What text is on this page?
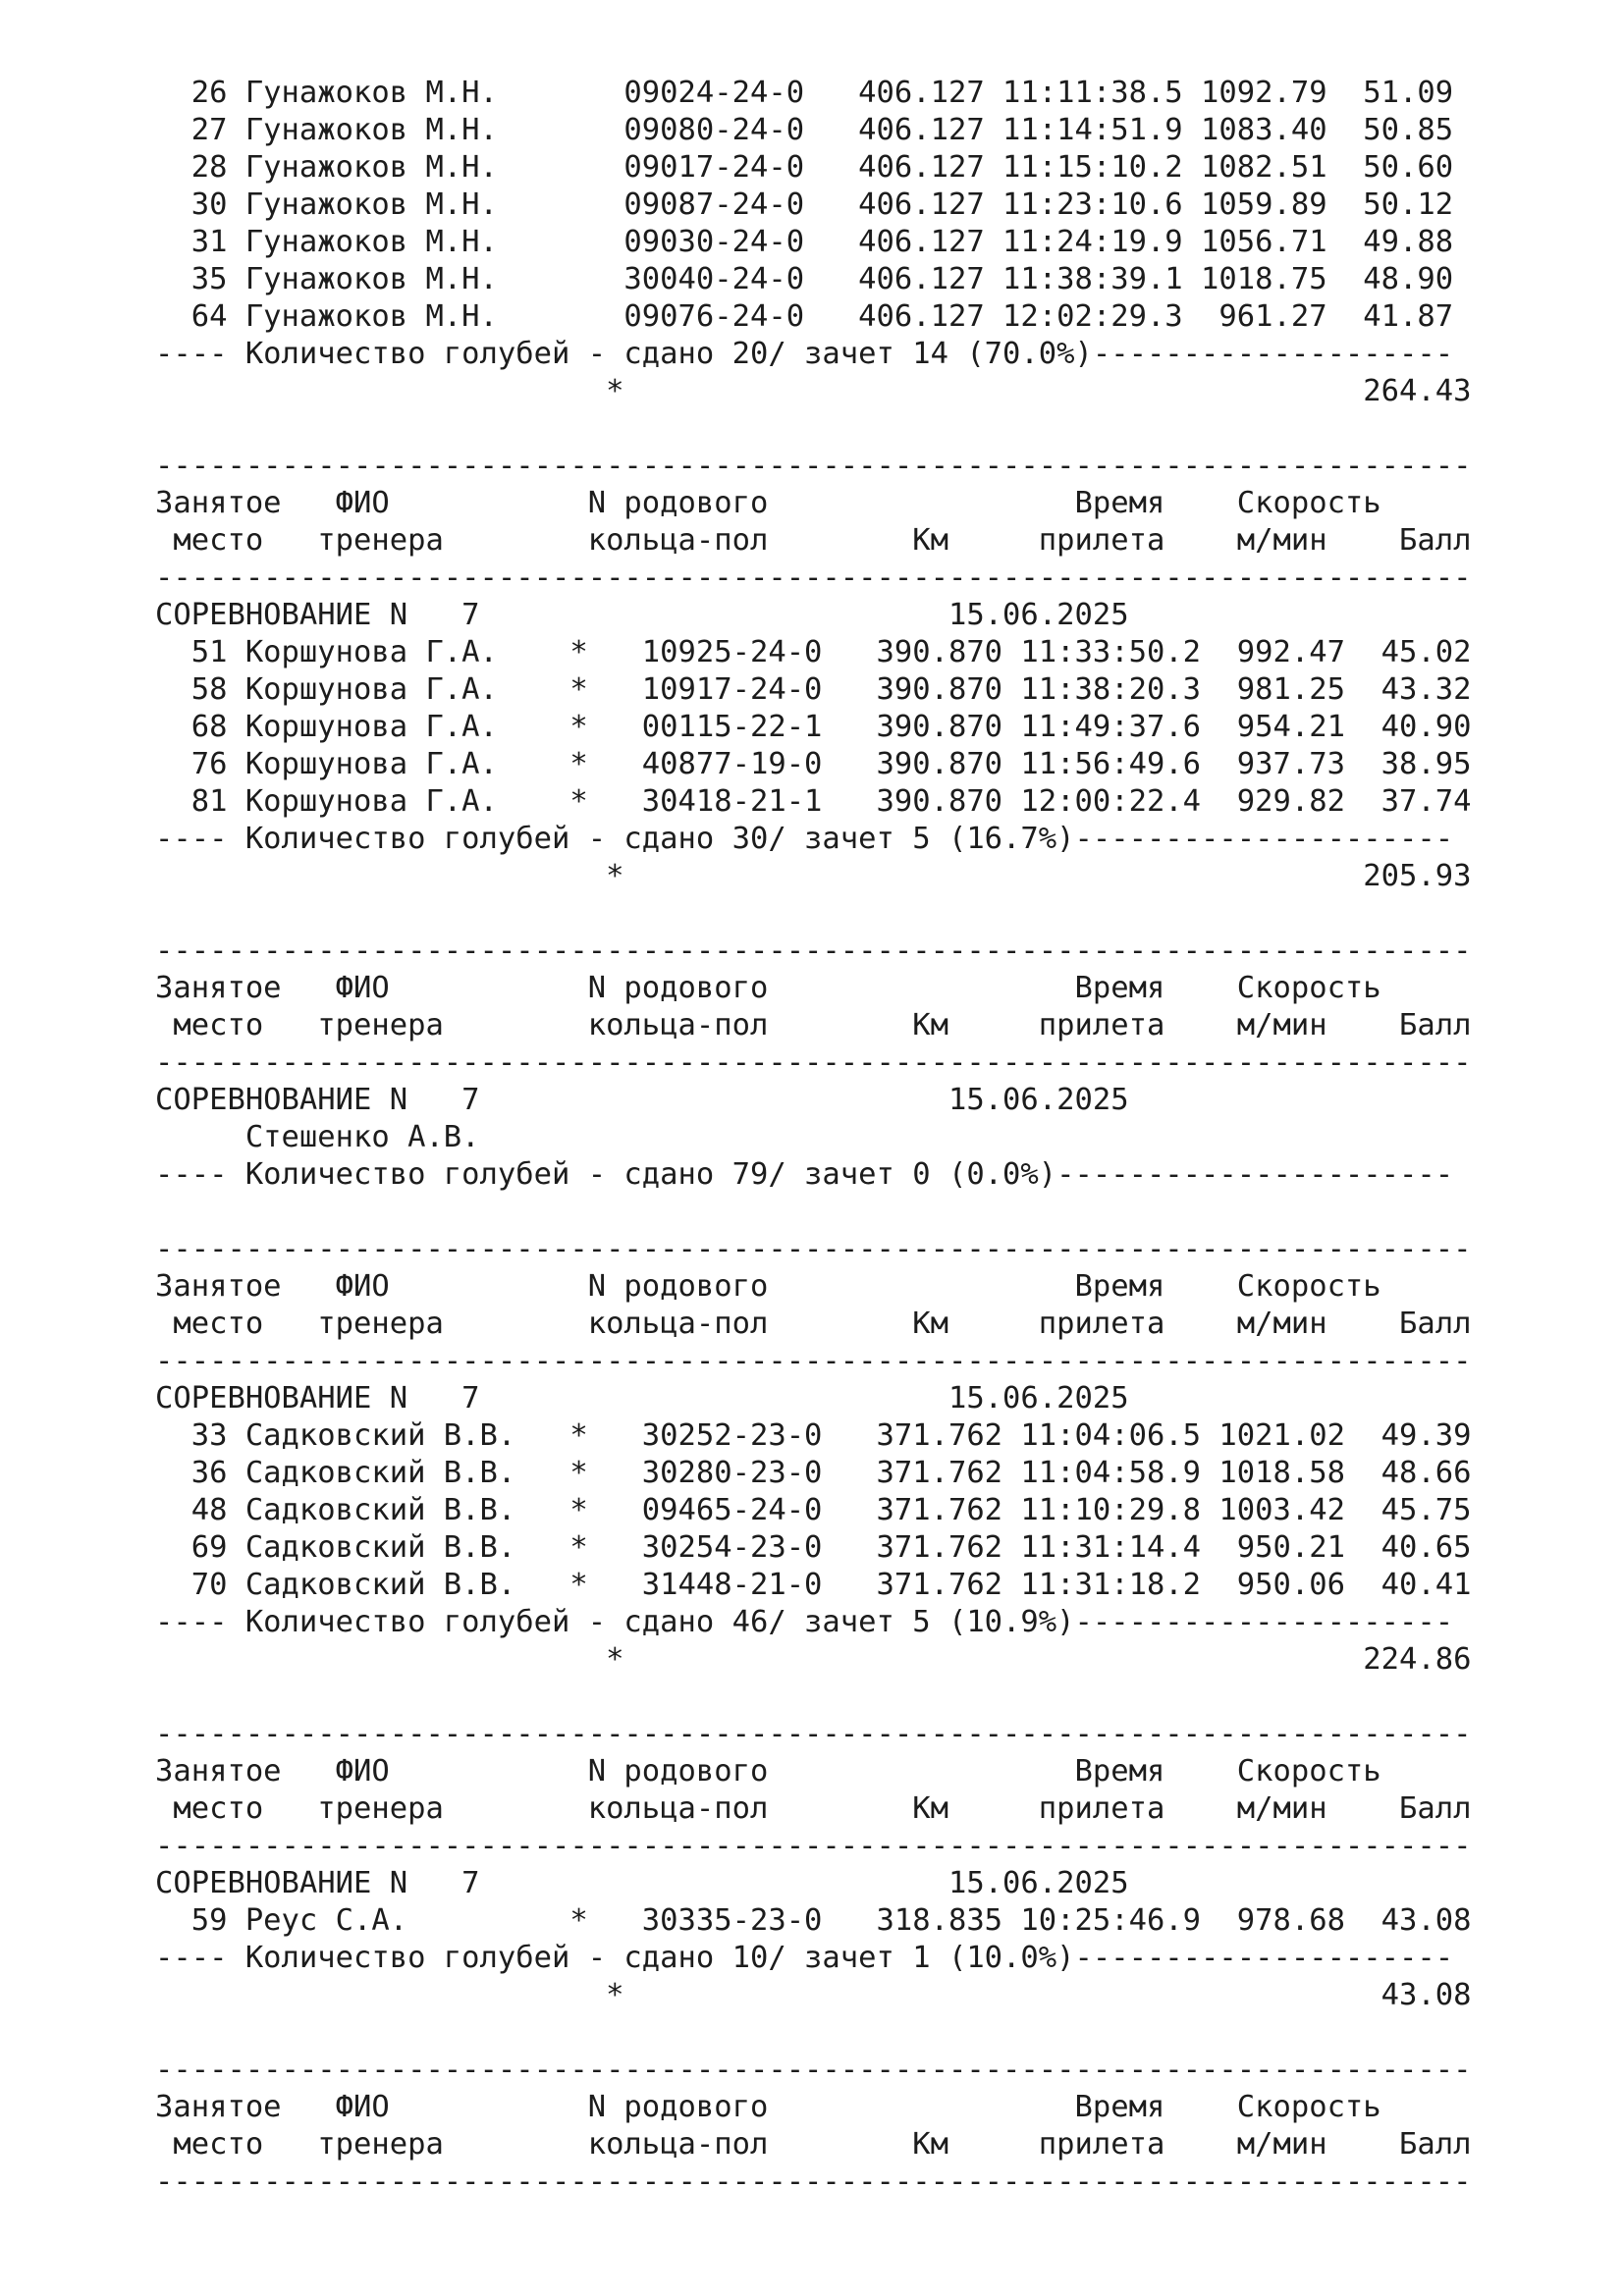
26 Гунажоков М.Н.       09024-24-0   406.127 11:11:38.5 1092.79  51.09
27 Гунажоков М.Н.       09080-24-0   406.127 11:14:51.9 1083.40  50.85
28 Гунажоков М.Н.       09017-24-0   406.127 11:15:10.2 1082.51  50.60
30 Гунажоков М.Н.       09087-24-0   406.127 11:23:10.6 1059.89  50.12
31 Гунажоков М.Н.       09030-24-0   406.127 11:24:19.9 1056.71  49.88
35 Гунажоков М.Н.       30040-24-0   406.127 11:38:39.1 1018.75  48.90
64 Гунажоков М.Н.       09076-24-0   406.127 12:02:29.3  961.27  41.87
---- Количество голубей - сдано 20/ зачет 14 (70.0%)--------------------
*                                         264.43
-------------------------------------------------------------------------
Занятое   ФИО           N родового                 Время    Скорость
место   тренера        кольца-пол        Км     прилета    м/мин    Балл
-------------------------------------------------------------------------
СОРЕВНОВАНИЕ N   7                          15.06.2025
51 Коршунова Г.А.    *   10925-24-0   390.870 11:33:50.2  992.47  45.02
58 Коршунова Г.А.    *   10917-24-0   390.870 11:38:20.3  981.25  43.32
68 Коршунова Г.А.    *   00115-22-1   390.870 11:49:37.6  954.21  40.90
76 Коршунова Г.А.    *   40877-19-0   390.870 11:56:49.6  937.73  38.95
81 Коршунова Г.А.    *   30418-21-1   390.870 12:00:22.4  929.82  37.74
---- Количество голубей - сдано 30/ зачет 5 (16.7%)---------------------
*                                         205.93
-------------------------------------------------------------------------
Занятое   ФИО           N родового                 Время    Скорость
место   тренера        кольца-пол        Км     прилета    м/мин    Балл
-------------------------------------------------------------------------
СОРЕВНОВАНИЕ N   7                          15.06.2025
Стешенко А.В.
---- Количество голубей - сдано 79/ зачет 0 (0.0%)----------------------
-------------------------------------------------------------------------
Занятое   ФИО           N родового                 Время    Скорость
место   тренера        кольца-пол        Км     прилета    м/мин    Балл
-------------------------------------------------------------------------
СОРЕВНОВАНИЕ N   7                          15.06.2025
33 Садковский В.В.   *   30252-23-0   371.762 11:04:06.5 1021.02  49.39
36 Садковский В.В.   *   30280-23-0   371.762 11:04:58.9 1018.58  48.66
48 Садковский В.В.   *   09465-24-0   371.762 11:10:29.8 1003.42  45.75
69 Садковский В.В.   *   30254-23-0   371.762 11:31:14.4  950.21  40.65
70 Садковский В.В.   *   31448-21-0   371.762 11:31:18.2  950.06  40.41
---- Количество голубей - сдано 46/ зачет 5 (10.9%)---------------------
*                                         224.86
-------------------------------------------------------------------------
Занятое   ФИО           N родового                 Время    Скорость
место   тренера        кольца-пол        Км     прилета    м/мин    Балл
-------------------------------------------------------------------------
СОРЕВНОВАНИЕ N   7                          15.06.2025
59 Реус С.А.         *   30335-23-0   318.835 10:25:46.9  978.68  43.08
---- Количество голубей - сдано 10/ зачет 1 (10.0%)---------------------
*                                          43.08
-------------------------------------------------------------------------
Занятое   ФИО           N родового                 Время    Скорость
место   тренера        кольца-пол        Км     прилета    м/мин    Балл
-------------------------------------------------------------------------
